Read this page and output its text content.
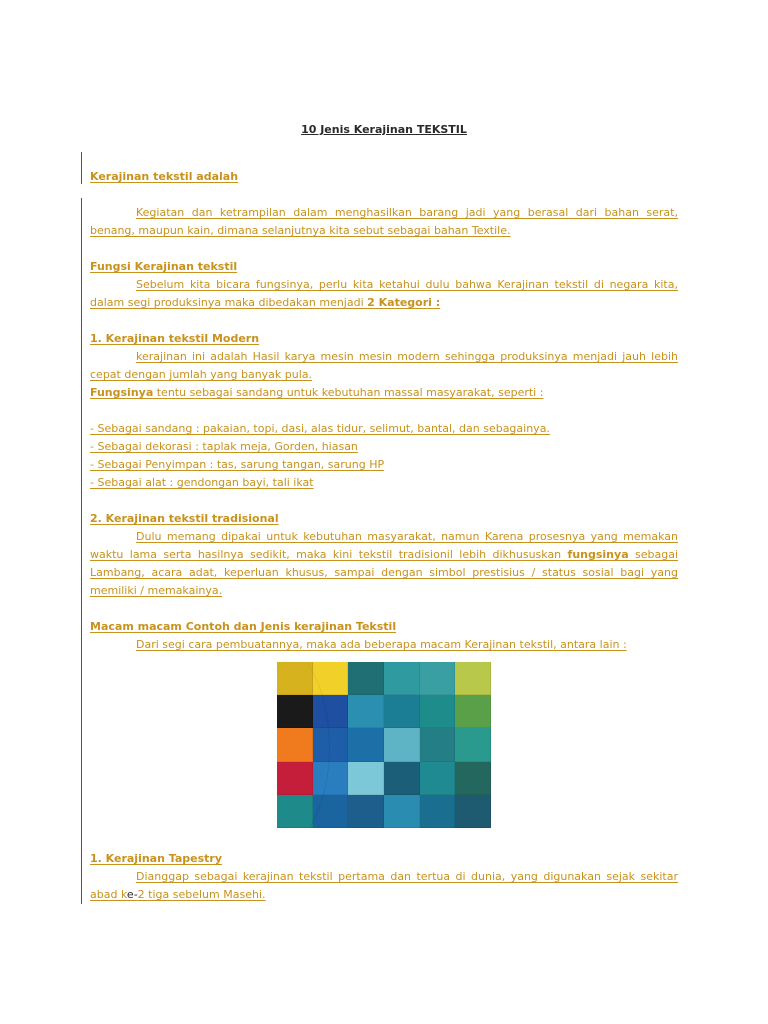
10 Jenis Kerajinan TEKSTIL

Kerajinan tekstil adalah

Kegiatan dan ketrampilan dalam menghasilkan barang jadi yang berasal dari bahan serat, benang, maupun kain, dimana selanjutnya kita sebut sebagai bahan Textile.

Fungsi Kerajinan tekstil

Sebelum kita bicara fungsinya, perlu kita ketahui dulu bahwa Kerajinan tekstil di negara kita, dalam segi produksinya maka dibedakan menjadi 2 Kategori :

1. Kerajinan tekstil Modern

kerajinan ini adalah Hasil karya mesin mesin modern sehingga produksinya menjadi jauh lebih cepat dengan jumlah yang banyak pula.

Fungsinya tentu sebagai sandang untuk kebutuhan massal masyarakat, seperti :

- Sebagai sandang : pakaian, topi, dasi, alas tidur, selimut, bantal, dan sebagainya.

- Sebagai dekorasi : taplak meja, Gorden, hiasan

- Sebagai Penyimpan : tas, sarung tangan, sarung HP

- Sebagai alat : gendongan bayi, tali ikat

2. Kerajinan tekstil tradisional

Dulu memang dipakai untuk kebutuhan masyarakat, namun Karena prosesnya yang memakan waktu lama serta hasilnya sedikit, maka kini tekstil tradisionil lebih dikhususkan fungsinya sebagai Lambang, acara adat, keperluan khusus, sampai dengan simbol prestisius / status sosial bagi yang memiliki / memakainya.

Macam macam Contoh dan Jenis kerajinan Tekstil

Dari segi cara pembuatannya, maka ada beberapa macam Kerajinan tekstil, antara lain :

1. Kerajinan Tapestry

Dianggap sebagai kerajinan tekstil pertama dan tertua di dunia, yang digunakan sejak sekitar abad ke-2 tiga sebelum Masehi.
